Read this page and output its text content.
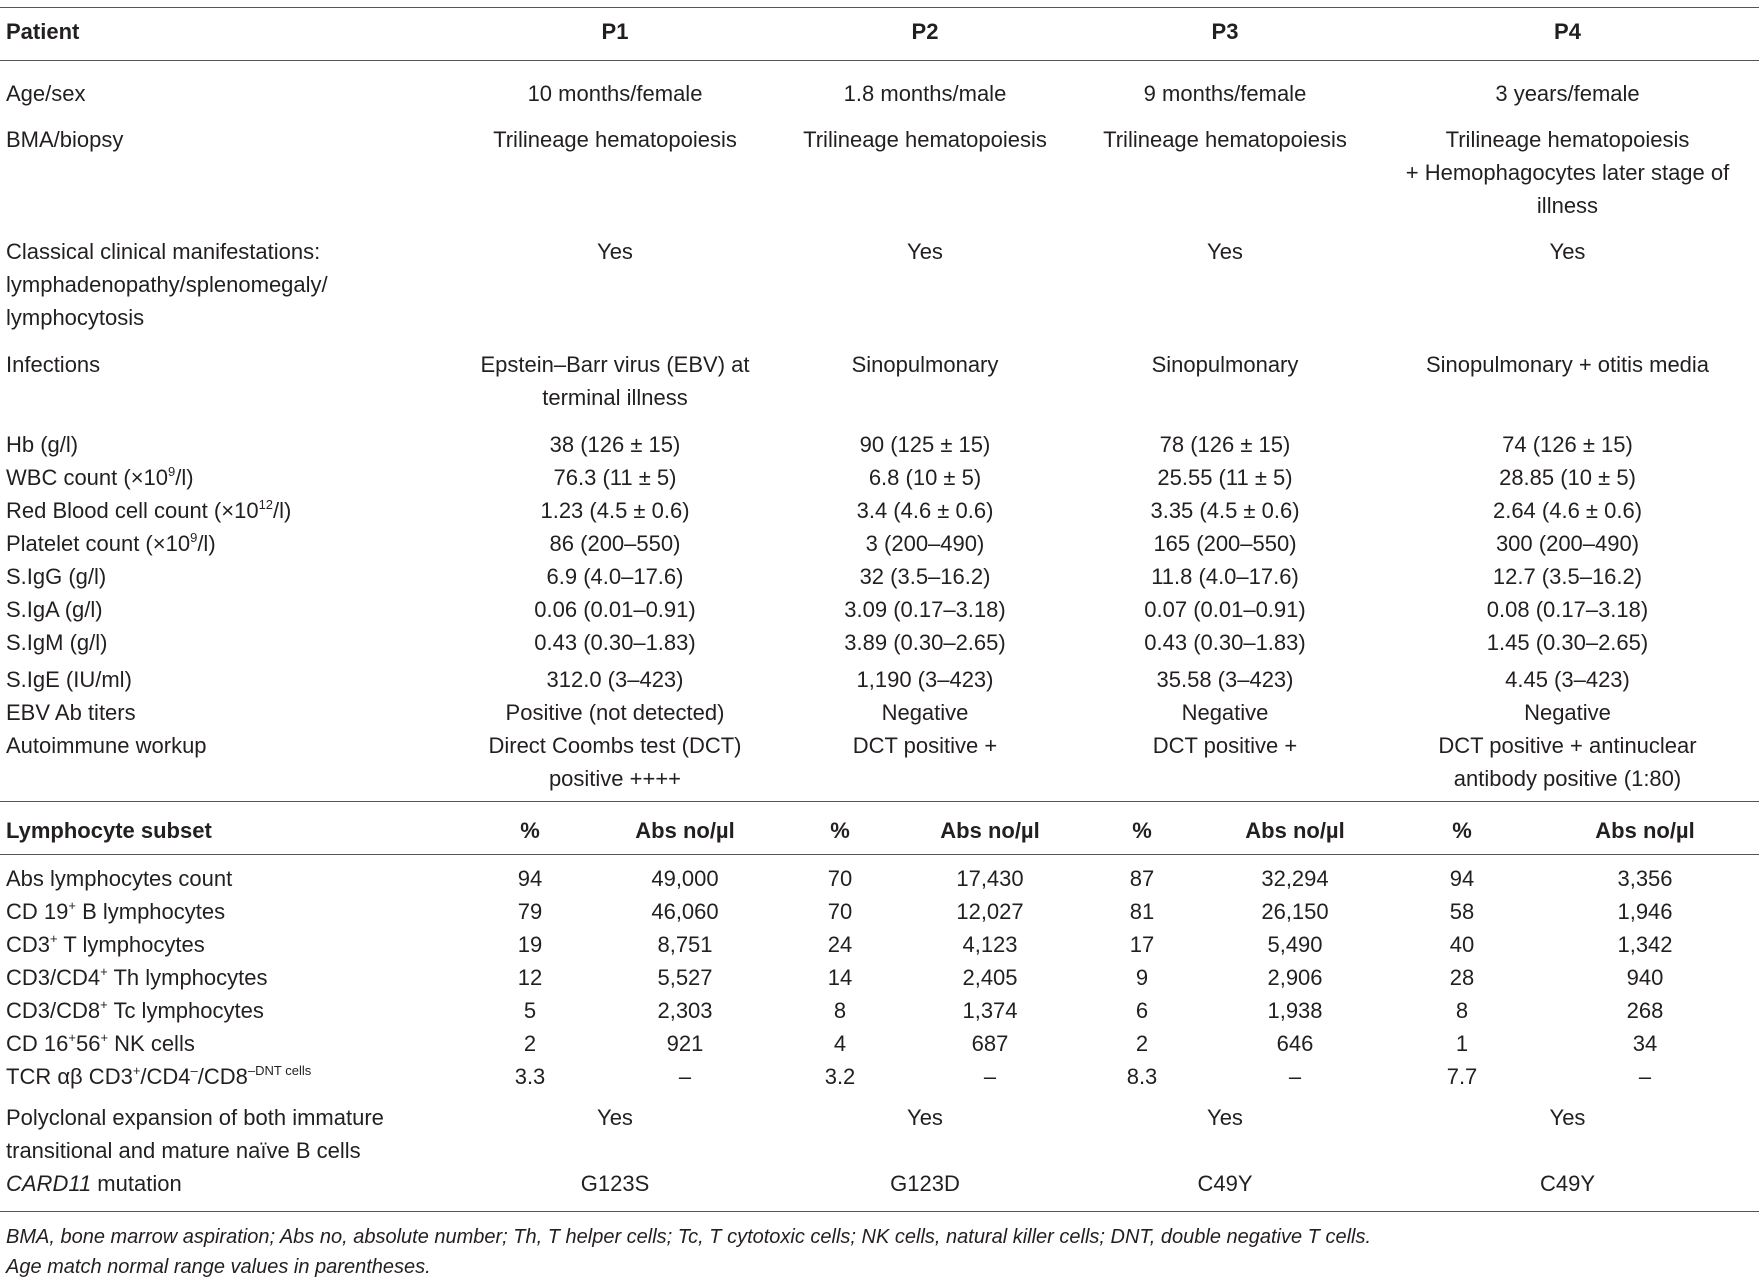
Patient	P1	P2	P3	P4
Age/sex	10 months/female	1.8 months/male	9 months/female	3 years/female
BMA/biopsy	Trilineage hematopoiesis	Trilineage hematopoiesis	Trilineage hematopoiesis	Trilineage hematopoiesis
+ Hemophagocytes later stage of
illness
Classical clinical manifestations:
lymphadenopathy/splenomegaly/
lymphocytosis
Yes	Yes	Yes	Yes
Infections	Epstein–Barr virus (EBV) at
terminal illness
Sinopulmonary	Sinopulmonary	Sinopulmonary + otitis media
Hb (g/l)	38 (126 ± 15)	90 (125 ± 15)	78 (126 ± 15)	74 (126 ± 15)
WBC count $(\times 10^9/l)$	76.3 (11 ± 5)	6.8 (10 ± 5)	25.55 (11 ± 5)	28.85 (10 ± 5)
Red Blood cell count $(\times 10^{12}/l)$	1.23 (4.5 ± 0.6)	3.4 (4.6 ± 0.6)	3.35 (4.5 ± 0.6)	2.64 (4.6 ± 0.6)
Platelet count $(\times 10^9/l)$	86 (200–550)	3 (200–490)	165 (200–550)	300 (200–490)
S.IgG (g/l)	6.9 (4.0–17.6)	32 (3.5–16.2)	11.8 (4.0–17.6)	12.7 (3.5–16.2)
S.IgA (g/l)	0.06 (0.01–0.91)	3.09 (0.17–3.18)	0.07 (0.01–0.91)	0.08 (0.17–3.18)
S.IgM (g/l)	0.43 (0.30–1.83)	3.89 (0.30–2.65)	0.43 (0.30–1.83)	1.45 (0.30–2.65)
S.IgE (IU/ml)	312.0 (3–423)	1,190 (3–423)	35.58 (3–423)	4.45 (3–423)
EBV Ab titers	Positive (not detected)	Negative	Negative	Negative
Autoimmune workup	Direct Coombs test (DCT)
positive ++++
DCT positive +	DCT positive +	DCT positive + antinuclear
antibody positive (1:80)
Lymphocyte subset	%	Abs no/µl	%	Abs no/µl	%	Abs no/µl	%	Abs no/µl
Abs lymphocytes count	94	49,000	70	17,430	87	32,294	94	3,356
CD 19+ B lymphocytes	79	46,060	70	12,027	81	26,150	58	1,946
CD3+ T lymphocytes	19	8,751	24	4,123	17	5,490	40	1,342
CD3/CD4+ Th lymphocytes	12	5,527	14	2,405	9	2,906	28	940
CD3/CD8+ Tc lymphocytes	5	2,303	8	1,374	6	1,938	8	268
CD 16+56+ NK cells	2	921	4	687	2	646	1	34
TCR αβ $CD3^+/CD4^-/CD8^{-DNT cells}$	3.3	–	3.2	–	8.3	–	7.7	–
Polyclonal expansion of both immature
transitional and mature naïve B cells
Yes	Yes	Yes	Yes
CARD11 mutation	G123S	G123D	C49Y	C49Y
BMA, bone marrow aspiration; Abs no, absolute number; Th, T helper cells; Tc, T cytotoxic cells; NK cells, natural killer cells; DNT, double negative T cells.
Age match normal range values in parentheses.
